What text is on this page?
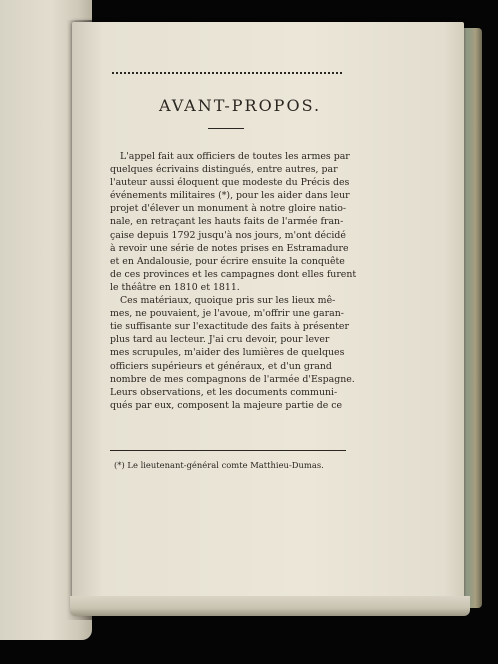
AVANT-PROPOS.
L'appel fait aux officiers de toutes les armes par
quelques écrivains distingués, entre autres, par
l'auteur aussi éloquent que modeste du Précis des
événements militaires (*), pour les aider dans leur
projet d'élever un monument à notre gloire natio-
nale, en retraçant les hauts faits de l'armée fran-
çaise depuis 1792 jusqu'à nos jours, m'ont décidé
à revoir une série de notes prises en Estramadure
et en Andalousie, pour écrire ensuite la conquête
de ces provinces et les campagnes dont elles furent
le théâtre en 1810 et 1811.
Ces matériaux, quoique pris sur les lieux mê-
mes, ne pouvaient, je l'avoue, m'offrir une garan-
tie suffisante sur l'exactitude des faits à présenter
plus tard au lecteur. J'ai cru devoir, pour lever
mes scrupules, m'aider des lumières de quelques
officiers supérieurs et généraux, et d'un grand
nombre de mes compagnons de l'armée d'Espagne.
Leurs observations, et les documents communi-
qués par eux, composent la majeure partie de ce
(*) Le lieutenant-général comte Matthieu-Dumas.
